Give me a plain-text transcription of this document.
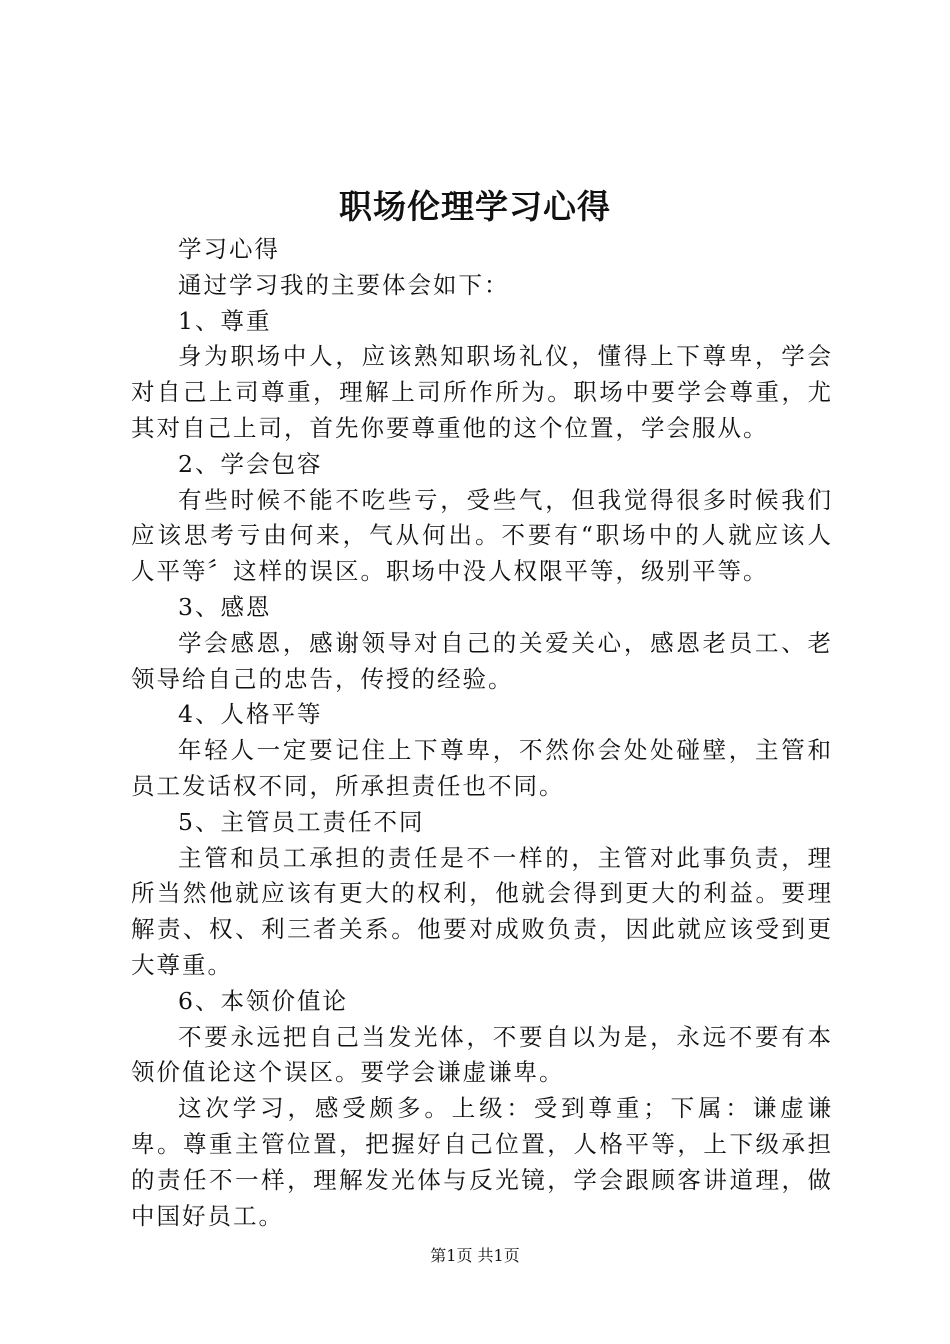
职场伦理学习心得

学习心得

通过学习我的主要体会如下：

1、尊重

身为职场中人，应该熟知职场礼仪，懂得上下尊卑，学会对自己上司尊重，理解上司所作所为。职场中要学会尊重，尤其对自己上司，首先你要尊重他的这个位置，学会服从。

2、学会包容

有些时候不能不吃些亏，受些气，但我觉得很多时候我们应该思考亏由何来，气从何出。不要有“职场中的人就应该人人平等〞这样的误区。职场中没人权限平等，级别平等。

3、感恩

学会感恩，感谢领导对自己的关爱关心，感恩老员工、老领导给自己的忠告，传授的经验。

4、人格平等

年轻人一定要记住上下尊卑，不然你会处处碰壁，主管和员工发话权不同，所承担责任也不同。

5、主管员工责任不同

主管和员工承担的责任是不一样的，主管对此事负责，理所当然他就应该有更大的权利，他就会得到更大的利益。要理解责、权、利三者关系。他要对成败负责，因此就应该受到更大尊重。

6、本领价值论

不要永远把自己当发光体，不要自以为是，永远不要有本领价值论这个误区。要学会谦虚谦卑。

这次学习，感受颇多。上级：受到尊重；下属：谦虚谦卑。尊重主管位置，把握好自己位置，人格平等，上下级承担的责任不一样，理解发光体与反光镜，学会跟顾客讲道理，做中国好员工。

第1页 共1页
